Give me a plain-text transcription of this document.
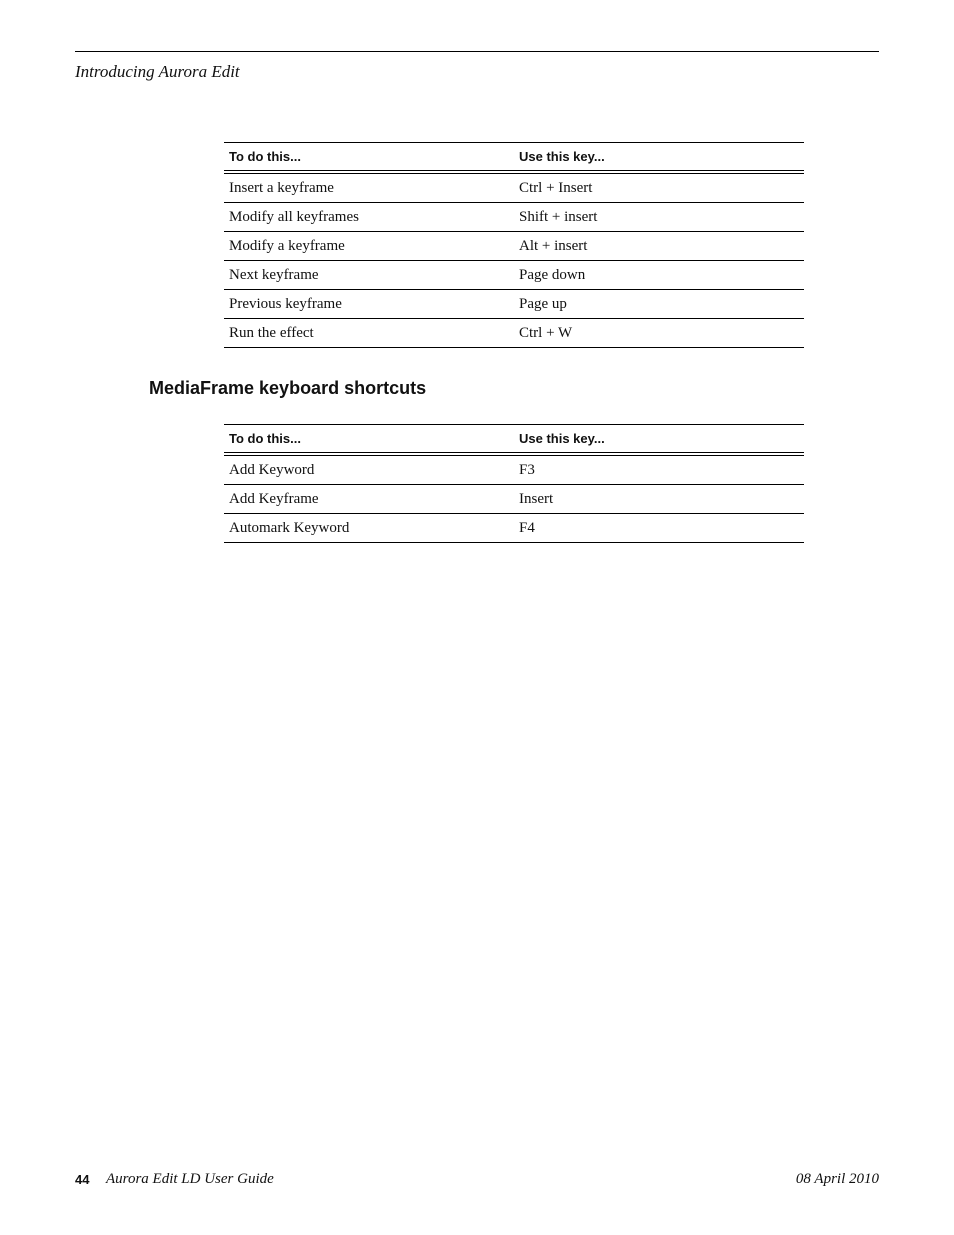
Introducing Aurora Edit
To do this...	Use this key...
Insert a keyframe	Ctrl + Insert
Modify all keyframes	Shift + insert
Modify a keyframe	Alt + insert
Next keyframe	Page down
Previous keyframe	Page up
Run the effect	Ctrl + W
MediaFrame keyboard shortcuts
To do this...	Use this key...
Add Keyword	F3
Add Keyframe	Insert
Automark Keyword	F4
44 Aurora Edit LD User Guide	08 April 2010
